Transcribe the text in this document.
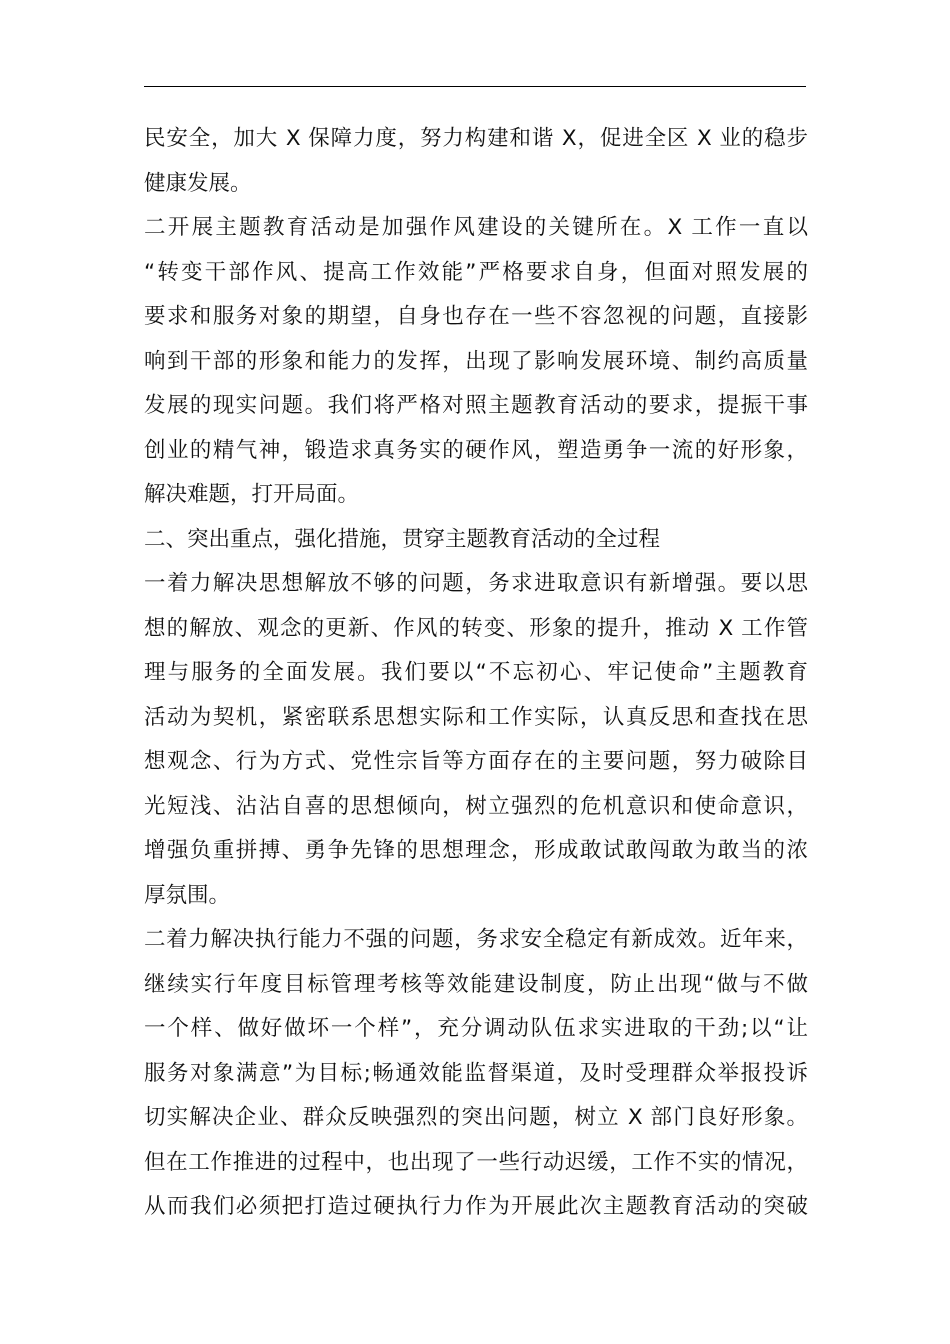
民安全，加大 X 保障力度，努力构建和谐 X，促进全区 X 业的稳步
健康发展。
二开展主题教育活动是加强作风建设的关键所在。X 工作一直以
“转变干部作风、提高工作效能”严格要求自身，但面对照发展的
要求和服务对象的期望，自身也存在一些不容忽视的问题，直接影
响到干部的形象和能力的发挥，出现了影响发展环境、制约高质量
发展的现实问题。我们将严格对照主题教育活动的要求，提振干事
创业的精气神，锻造求真务实的硬作风，塑造勇争一流的好形象，
解决难题，打开局面。
二、突出重点，强化措施，贯穿主题教育活动的全过程
一着力解决思想解放不够的问题，务求进取意识有新增强。要以思
想的解放、观念的更新、作风的转变、形象的提升，推动 X 工作管
理与服务的全面发展。我们要以“不忘初心、牢记使命”主题教育
活动为契机，紧密联系思想实际和工作实际，认真反思和查找在思
想观念、行为方式、党性宗旨等方面存在的主要问题，努力破除目
光短浅、沾沾自喜的思想倾向，树立强烈的危机意识和使命意识，
增强负重拼搏、勇争先锋的思想理念，形成敢试敢闯敢为敢当的浓
厚氛围。
二着力解决执行能力不强的问题，务求安全稳定有新成效。近年来，
继续实行年度目标管理考核等效能建设制度，防止出现“做与不做
一个样、做好做坏一个样”，充分调动队伍求实进取的干劲;以“让
服务对象满意”为目标;畅通效能监督渠道，及时受理群众举报投诉
切实解决企业、群众反映强烈的突出问题，树立 X 部门良好形象。
但在工作推进的过程中，也出现了一些行动迟缓，工作不实的情况，
从而我们必须把打造过硬执行力作为开展此次主题教育活动的突破
